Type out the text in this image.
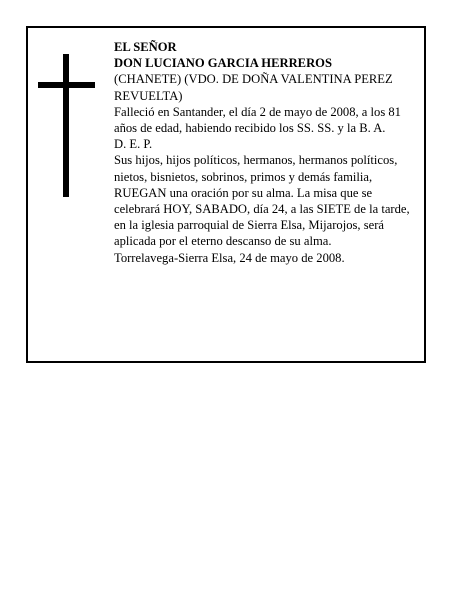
EL SEÑOR

DON LUCIANO GARCIA HERREROS

(CHANETE) (VDO. DE DOÑA VALENTINA PEREZ REVUELTA)

Falleció en Santander, el día 2 de mayo de 2008, a los 81 años de edad, habiendo recibido los SS. SS. y la B. A.

D. E. P.

Sus hijos, hijos políticos, hermanos, hermanos políticos, nietos, bisnietos, sobrinos, primos y demás familia,

RUEGAN una oración por su alma. La misa que se celebrará HOY, SABADO, día 24, a las SIETE de la tarde, en la iglesia parroquial de Sierra Elsa, Mijarojos, será aplicada por el eterno descanso de su alma.

Torrelavega-Sierra Elsa, 24 de mayo de 2008.
